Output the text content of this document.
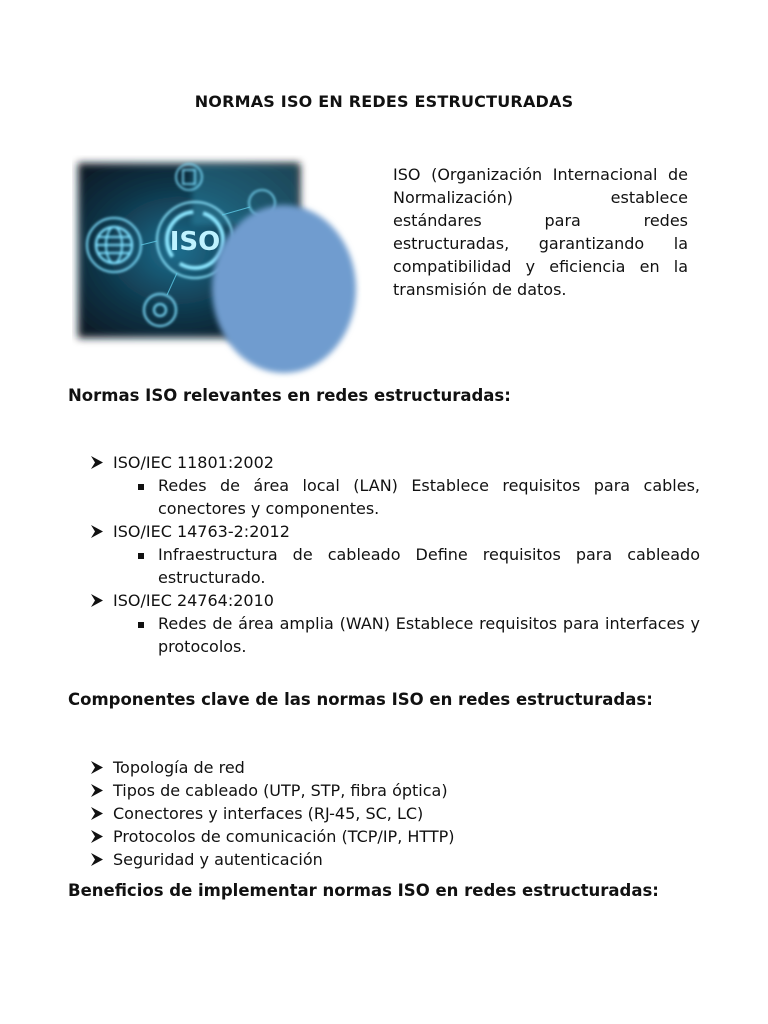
NORMAS ISO EN REDES ESTRUCTURADAS
ISO
ISO (Organización Internacional de Normalización) establece estándares para redes estructuradas, garantizando la compatibilidad y eficiencia en la transmisión de datos.
Normas ISO relevantes en redes estructuradas:
ISO/IEC 11801:2002
Redes de área local (LAN) Establece requisitos para cables, conectores y componentes.
ISO/IEC 14763-2:2012
Infraestructura de cableado Define requisitos para cableado estructurado.
ISO/IEC 24764:2010
Redes de área amplia (WAN) Establece requisitos para interfaces y protocolos.
Componentes clave de las normas ISO en redes estructuradas:
Topología de red
Tipos de cableado (UTP, STP, fibra óptica)
Conectores y interfaces (RJ-45, SC, LC)
Protocolos de comunicación (TCP/IP, HTTP)
Seguridad y autenticación
Beneficios de implementar normas ISO en redes estructuradas:
